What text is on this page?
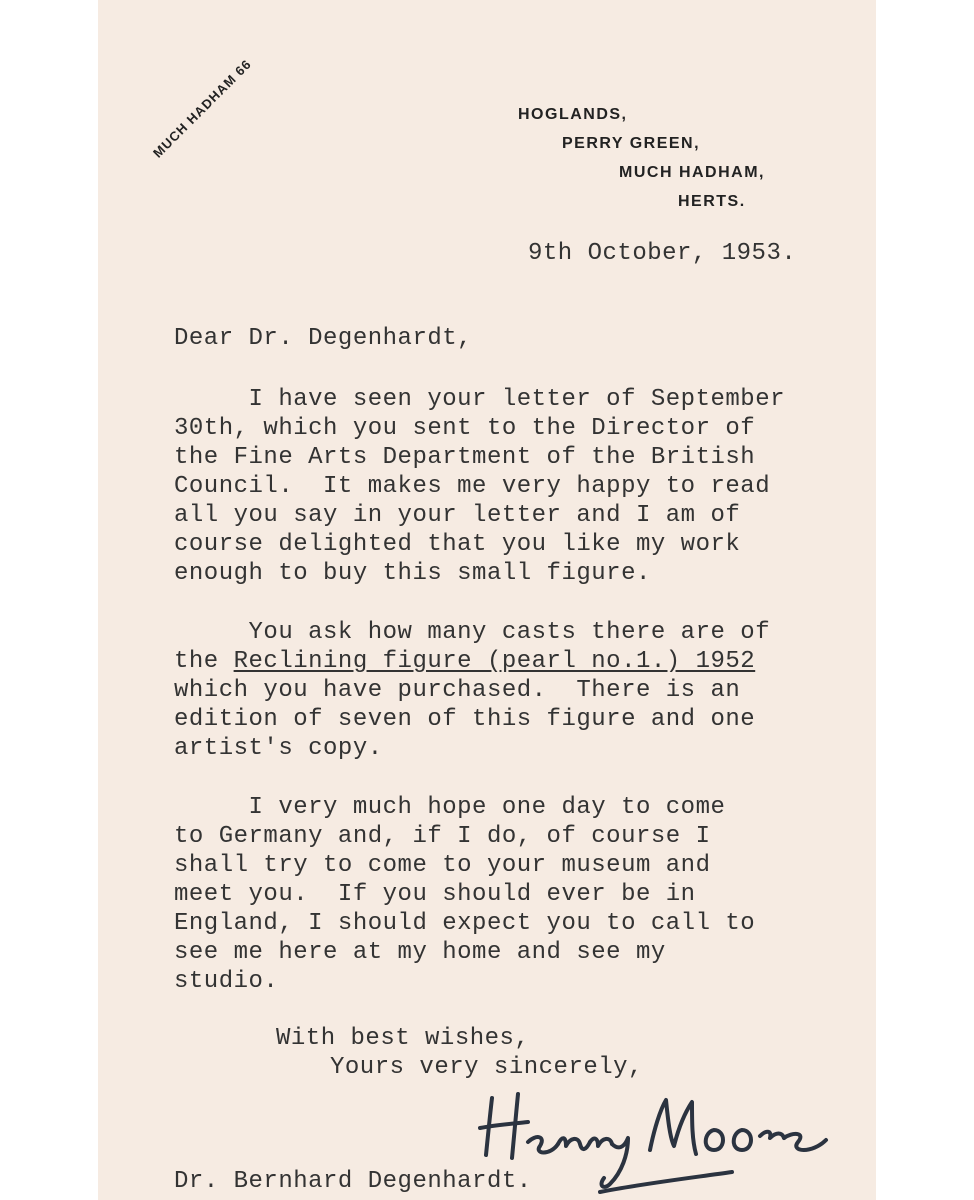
MUCH HADHAM 66	HOGLANDS,
PERRY GREEN,
MUCH HADHAM,
HERTS.
9th October, 1953.
Dear Dr. Degenhardt,
I have seen your letter of September
30th, which you sent to the Director of
the Fine Arts Department of the British
Council.  It makes me very happy to read
all you say in your letter and I am of
course delighted that you like my work
enough to buy this small figure.
You ask how many casts there are of
the Reclining figure (pearl no.1.) 1952
which you have purchased.  There is an
edition of seven of this figure and one
artist's copy.
I very much hope one day to come
to Germany and, if I do, of course I
shall try to come to your museum and
meet you.  If you should ever be in
England, I should expect you to call to
see me here at my home and see my
studio.
With best wishes,
Yours very sincerely,
Dr. Bernhard Degenhardt.
